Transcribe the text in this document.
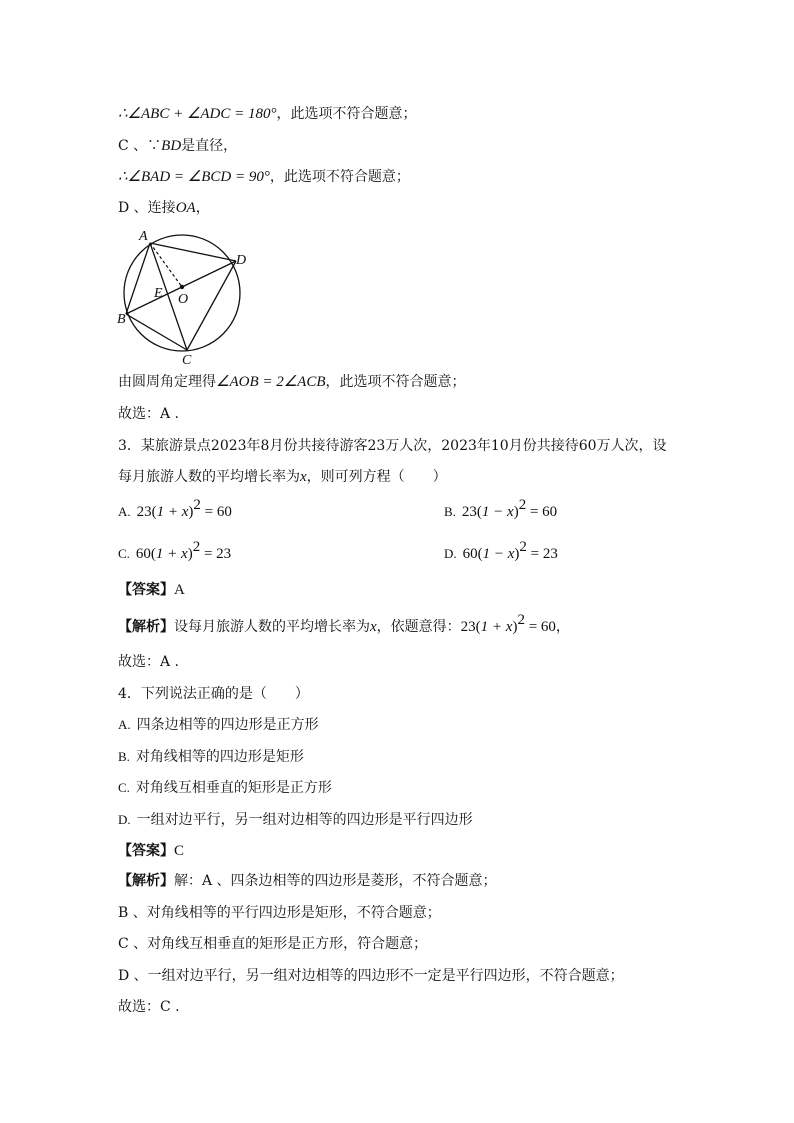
∴∠ABC + ∠ADC = 180°，此选项不符合题意；
C 、∵BD是直径，
∴∠BAD = ∠BCD = 90°，此选项不符合题意；
D 、连接OA，
A
D
E O
B
C
由圆周角定理得∠AOB = 2∠ACB，此选项不符合题意；
故选：A .
3．某旅游景点2023年8月份共接待游客23万人次，2023年10月份共接待60万人次，设
每月旅游人数的平均增长率为x，则可列方程（　　）
A. $23(1 + x)^2 = 60$	B. $23(1 - x)^2 = 60$
C. $60(1 + x)^2 = 23$	D. $60(1 - x)^2 = 23$
【答案】A
【解析】设每月旅游人数的平均增长率为x，依题意得：$23(1 + x)^2 = 60$，
故选：A .
4．下列说法正确的是（　　）
A. 四条边相等的四边形是正方形
B. 对角线相等的四边形是矩形
C. 对角线互相垂直的矩形是正方形
D. 一组对边平行，另一组对边相等的四边形是平行四边形
【答案】C
【解析】解：A 、四条边相等的四边形是菱形，不符合题意；
B 、对角线相等的平行四边形是矩形，不符合题意；
C 、对角线互相垂直的矩形是正方形，符合题意；
D 、一组对边平行，另一组对边相等的四边形不一定是平行四边形，不符合题意；
故选：C .
